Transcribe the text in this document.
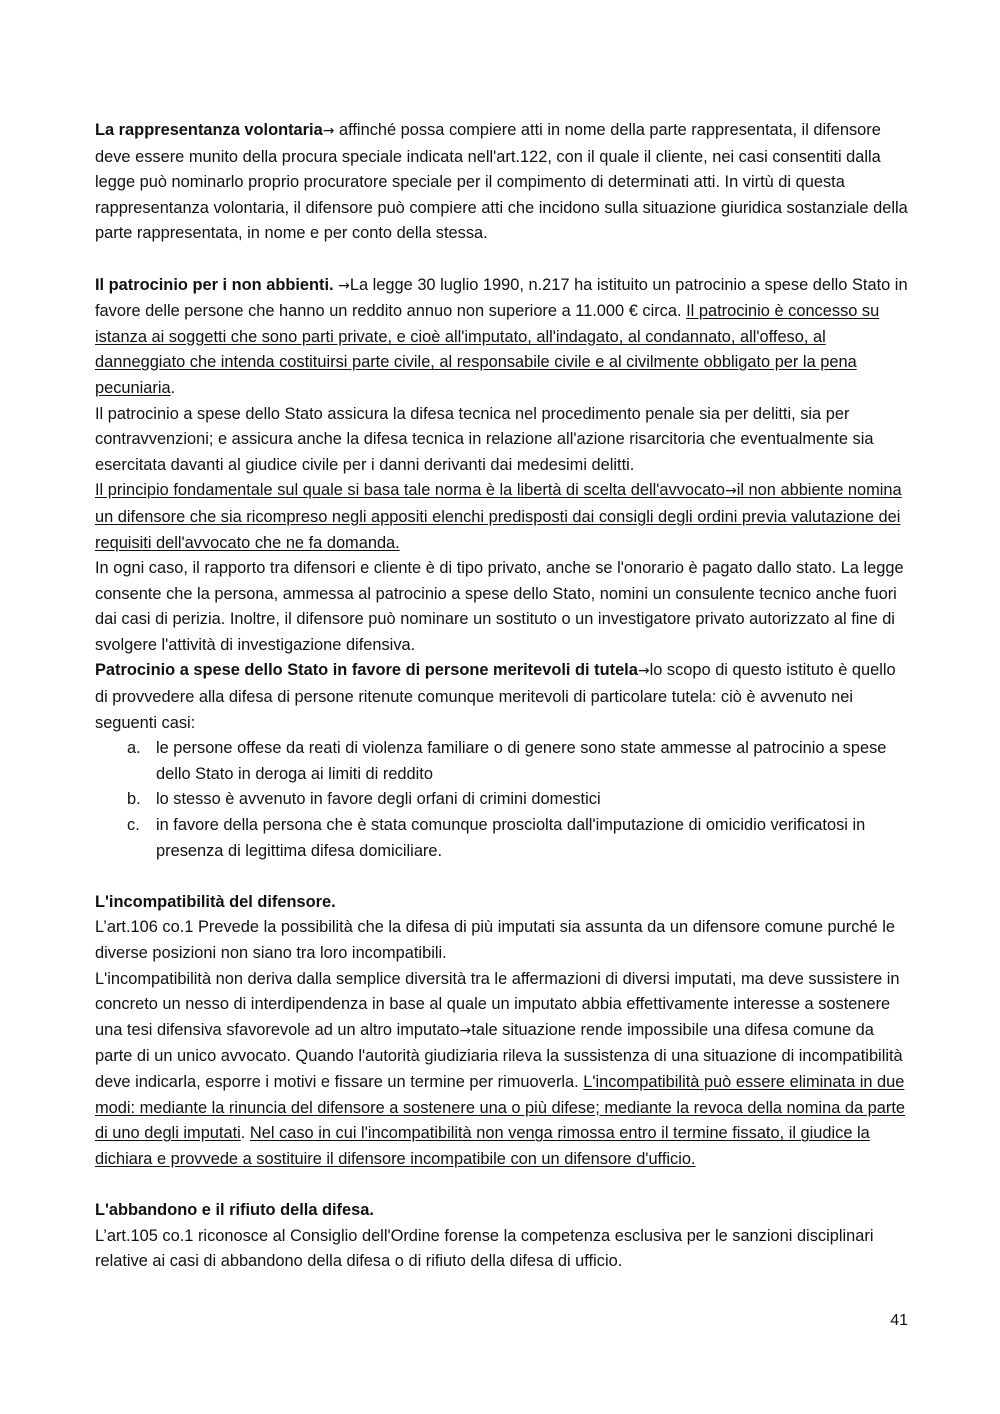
La rappresentanza volontaria→ affinché possa compiere atti in nome della parte rappresentata, il difensore deve essere munito della procura speciale indicata nell'art.122, con il quale il cliente, nei casi consentiti dalla legge può nominarlo proprio procuratore speciale per il compimento di determinati atti. In virtù di questa rappresentanza volontaria, il difensore può compiere atti che incidono sulla situazione giuridica sostanziale della parte rappresentata, in nome e per conto della stessa.

Il patrocinio per i non abbienti. →La legge 30 luglio 1990, n.217 ha istituito un patrocinio a spese dello Stato in favore delle persone che hanno un reddito annuo non superiore a 11.000 € circa. Il patrocinio è concesso su istanza ai soggetti che sono parti private, e cioè all'imputato, all'indagato, al condannato, all'offeso, al danneggiato che intenda costituirsi parte civile, al responsabile civile e al civilmente obbligato per la pena pecuniaria.

Il patrocinio a spese dello Stato assicura la difesa tecnica nel procedimento penale sia per delitti, sia per contravvenzioni; e assicura anche la difesa tecnica in relazione all'azione risarcitoria che eventualmente sia esercitata davanti al giudice civile per i danni derivanti dai medesimi delitti.

Il principio fondamentale sul quale si basa tale norma è la libertà di scelta dell'avvocato→il non abbiente nomina un difensore che sia ricompreso negli appositi elenchi predisposti dai consigli degli ordini previa valutazione dei requisiti dell'avvocato che ne fa domanda.

In ogni caso, il rapporto tra difensori e cliente è di tipo privato, anche se l'onorario è pagato dallo stato. La legge consente che la persona, ammessa al patrocinio a spese dello Stato, nomini un consulente tecnico anche fuori dai casi di perizia. Inoltre, il difensore può nominare un sostituto o un investigatore privato autorizzato al fine di svolgere l'attività di investigazione difensiva.

Patrocinio a spese dello Stato in favore di persone meritevoli di tutela→lo scopo di questo istituto è quello di provvedere alla difesa di persone ritenute comunque meritevoli di particolare tutela: ciò è avvenuto nei seguenti casi:

a. le persone offese da reati di violenza familiare o di genere sono state ammesse al patrocinio a spese dello Stato in deroga ai limiti di reddito
b. lo stesso è avvenuto in favore degli orfani di crimini domestici
c. in favore della persona che è stata comunque prosciolta dall'imputazione di omicidio verificatosi in presenza di legittima difesa domiciliare.

L'incompatibilità del difensore.

L’art.106 co.1 Prevede la possibilità che la difesa di più imputati sia assunta da un difensore comune purché le diverse posizioni non siano tra loro incompatibili.

L'incompatibilità non deriva dalla semplice diversità tra le affermazioni di diversi imputati, ma deve sussistere in concreto un nesso di interdipendenza in base al quale un imputato abbia effettivamente interesse a sostenere una tesi difensiva sfavorevole ad un altro imputato→tale situazione rende impossibile una difesa comune da parte di un unico avvocato. Quando l'autorità giudiziaria rileva la sussistenza di una situazione di incompatibilità deve indicarla, esporre i motivi e fissare un termine per rimuoverla. L'incompatibilità può essere eliminata in due modi: mediante la rinuncia del difensore a sostenere una o più difese; mediante la revoca della nomina da parte di uno degli imputati. Nel caso in cui l'incompatibilità non venga rimossa entro il termine fissato, il giudice la dichiara e provvede a sostituire il difensore incompatibile con un difensore d'ufficio.

L'abbandono e il rifiuto della difesa.

L’art.105 co.1 riconosce al Consiglio dell'Ordine forense la competenza esclusiva per le sanzioni disciplinari relative ai casi di abbandono della difesa o di rifiuto della difesa di ufficio.

41
